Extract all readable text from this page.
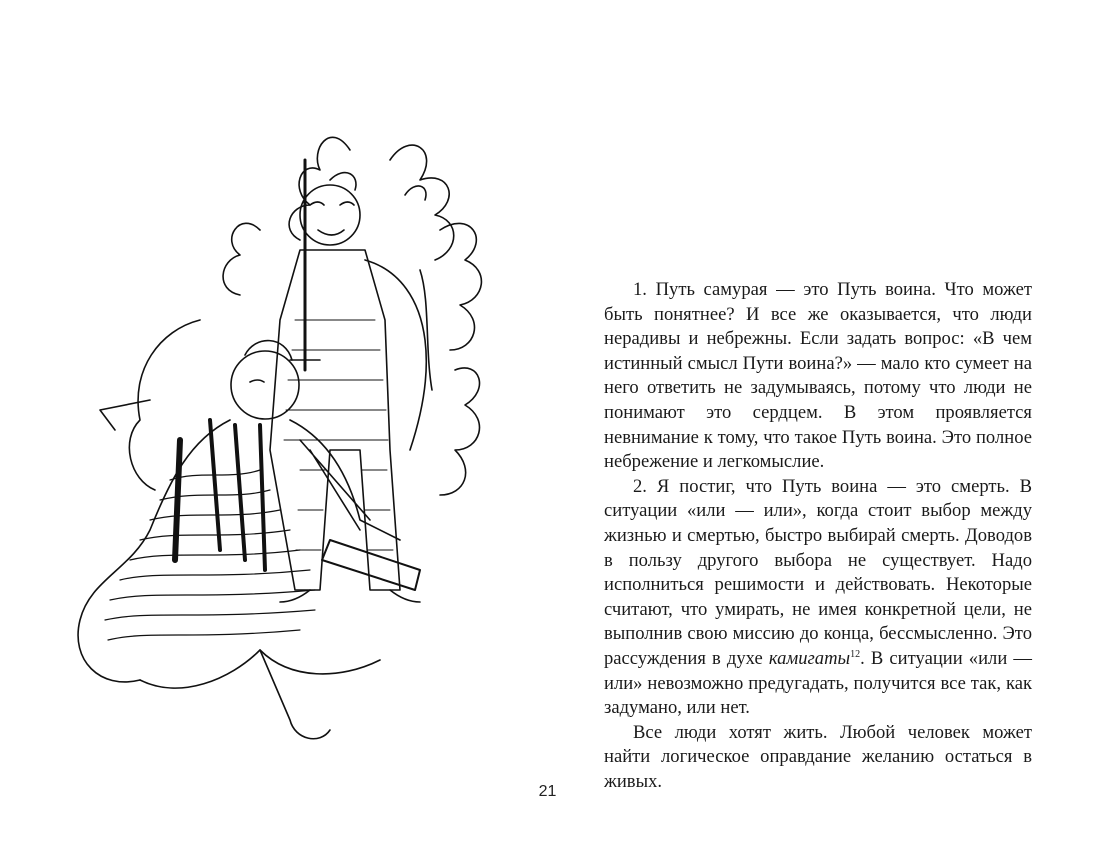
1. Путь самурая — это Путь воина. Что может быть понятнее? И все же оказывается, что люди нерадивы и небрежны. Если задать вопрос: «В чем истинный смысл Пути воина?» — мало кто сумеет на него ответить не задумываясь, потому что люди не понимают это сердцем. В этом проявляется невнимание к тому, что такое Путь воина. Это полное небрежение и легкомыслие.

2. Я постиг, что Путь воина — это смерть. В ситуации «или — или», когда стоит выбор между жизнью и смертью, быстро выбирай смерть. Доводов в пользу другого выбора не существует. Надо исполниться решимости и действовать. Некоторые считают, что умирать, не имея конкретной цели, не выполнив свою миссию до конца, бессмысленно. Это рассуждения в духе камигаты$^{12}$. В ситуации «или — или» невозможно предугадать, получится все так, как задумано, или нет.

Все люди хотят жить. Любой человек может найти логическое оправдание желанию остаться в живых.

21
